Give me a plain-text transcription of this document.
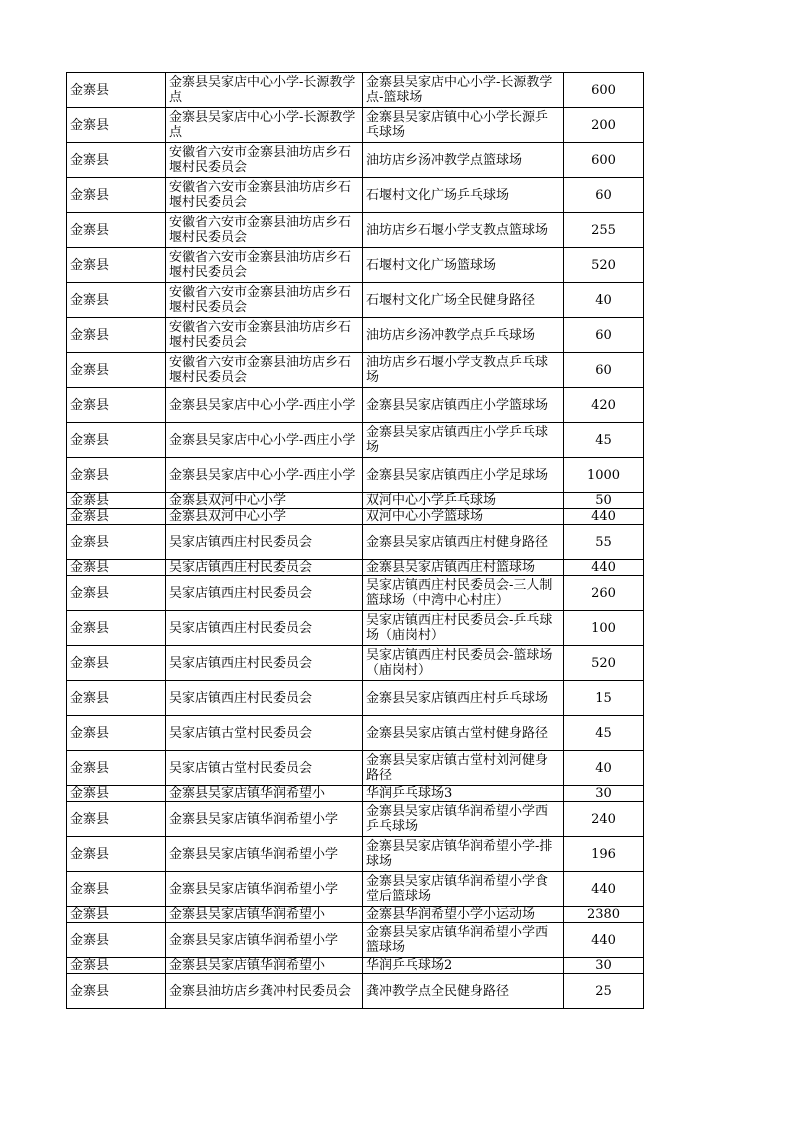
金寨县	金寨县吴家店中心小学-长源教学点	金寨县吴家店中心小学-长源教学点-篮球场	600
金寨县	金寨县吴家店中心小学-长源教学点	金寨县吴家店镇中心小学长源乒乓球场	200
金寨县	安徽省六安市金寨县油坊店乡石堰村民委员会	油坊店乡汤冲教学点篮球场	600
金寨县	安徽省六安市金寨县油坊店乡石堰村民委员会	石堰村文化广场乒乓球场	60
金寨县	安徽省六安市金寨县油坊店乡石堰村民委员会	油坊店乡石堰小学支教点篮球场	255
金寨县	安徽省六安市金寨县油坊店乡石堰村民委员会	石堰村文化广场篮球场	520
金寨县	安徽省六安市金寨县油坊店乡石堰村民委员会	石堰村文化广场全民健身路径	40
金寨县	安徽省六安市金寨县油坊店乡石堰村民委员会	油坊店乡汤冲教学点乒乓球场	60
金寨县	安徽省六安市金寨县油坊店乡石堰村民委员会	油坊店乡石堰小学支教点乒乓球场	60
金寨县	金寨县吴家店中心小学-西庄小学	金寨县吴家店镇西庄小学篮球场	420
金寨县	金寨县吴家店中心小学-西庄小学	金寨县吴家店镇西庄小学乒乓球场	45
金寨县	金寨县吴家店中心小学-西庄小学	金寨县吴家店镇西庄小学足球场	1000
金寨县	金寨县双河中心小学	双河中心小学乒乓球场	50
金寨县	金寨县双河中心小学	双河中心小学篮球场	440
金寨县	吴家店镇西庄村民委员会	金寨县吴家店镇西庄村健身路径	55
金寨县	吴家店镇西庄村民委员会	金寨县吴家店镇西庄村篮球场	440
金寨县	吴家店镇西庄村民委员会	吴家店镇西庄村民委员会-三人制篮球场（中湾中心村庄）	260
金寨县	吴家店镇西庄村民委员会	吴家店镇西庄村民委员会-乒乓球场（庙岗村）	100
金寨县	吴家店镇西庄村民委员会	吴家店镇西庄村民委员会-篮球场（庙岗村）	520
金寨县	吴家店镇西庄村民委员会	金寨县吴家店镇西庄村乒乓球场	15
金寨县	吴家店镇古堂村民委员会	金寨县吴家店镇古堂村健身路径	45
金寨县	吴家店镇古堂村民委员会	金寨县吴家店镇古堂村刘河健身路径	40
金寨县	金寨县吴家店镇华润希望小	华润乒乓球场3	30
金寨县	金寨县吴家店镇华润希望小学	金寨县吴家店镇华润希望小学西乒乓球场	240
金寨县	金寨县吴家店镇华润希望小学	金寨县吴家店镇华润希望小学-排球场	196
金寨县	金寨县吴家店镇华润希望小学	金寨县吴家店镇华润希望小学食堂后篮球场	440
金寨县	金寨县吴家店镇华润希望小	金寨县华润希望小学小运动场	2380
金寨县	金寨县吴家店镇华润希望小学	金寨县吴家店镇华润希望小学西篮球场	440
金寨县	金寨县吴家店镇华润希望小	华润乒乓球场2	30
金寨县	金寨县油坊店乡龚冲村民委员会	龚冲教学点全民健身路径	25
